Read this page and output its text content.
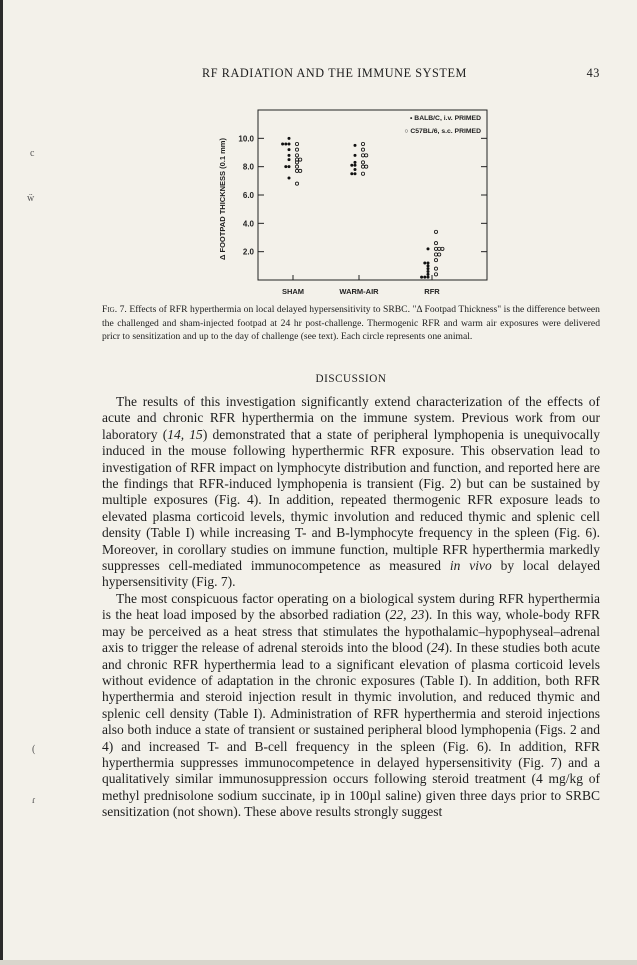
c
ẅ
(
ɾ
RF RADIATION AND THE IMMUNE SYSTEM	43
2.0
4.0
6.0
8.0
10.0
Δ FOOTPAD THICKNESS (0.1 mm)
SHAM	WARM-AIR	RFR
• BALB/C, i.v. PRIMED
○ C57BL/6, s.c. PRIMED
Fig. 7. Effects of RFR hyperthermia on local delayed hypersensitivity to SRBC. "Δ Footpad Thickness" is the difference between the challenged and sham-injected footpad at 24 hr post-challenge. Thermogenic RFR and warm air exposures were delivered pricr to sensitization and up to the day of challenge (see text). Each circle represents one animal.
DISCUSSION

The results of this investigation significantly extend characterization of the effects of acute and chronic RFR hyperthermia on the immune system. Previous work from our laboratory (14, 15) demonstrated that a state of peripheral lymphopenia is unequivocally induced in the mouse following hyperthermic RFR exposure. This observation lead to investigation of RFR impact on lymphocyte distribution and function, and reported here are the findings that RFR-induced lymphopenia is transient (Fig. 2) but can be sustained by multiple exposures (Fig. 4). In addition, repeated thermogenic RFR exposure leads to elevated plasma corticoid levels, thymic involution and reduced thymic and splenic cell density (Table I) while increasing T- and B-lymphocyte frequency in the spleen (Fig. 6). Moreover, in corollary studies on immune function, multiple RFR hyperthermia markedly suppresses cell-mediated immunocompetence as measured in vivo by local delayed hypersensitivity (Fig. 7).

The most conspicuous factor operating on a biological system during RFR hyperthermia is the heat load imposed by the absorbed radiation (22, 23). In this way, whole-body RFR may be perceived as a heat stress that stimulates the hypothalamic–hypophyseal–adrenal axis to trigger the release of adrenal steroids into the blood (24). In these studies both acute and chronic RFR hyperthermia lead to a significant elevation of plasma corticoid levels without evidence of adaptation in the chronic exposures (Table I). In addition, both RFR hyperthermia and steroid injection result in thymic involution, and reduced thymic and splenic cell density (Table I). Administration of RFR hyperthermia and steroid injections also both induce a state of transient or sustained peripheral blood lymphopenia (Figs. 2 and 4) and increased T- and B-cell frequency in the spleen (Fig. 6). In addition, RFR hyperthermia suppresses immunocompetence in delayed hypersensitivity (Fig. 7) and a qualitatively similar immunosuppression occurs following steroid treatment (4 mg/kg of methyl prednisolone sodium succinate, ip in 100µl saline) given three days prior to SRBC sensitization (not shown). These above results strongly suggest
